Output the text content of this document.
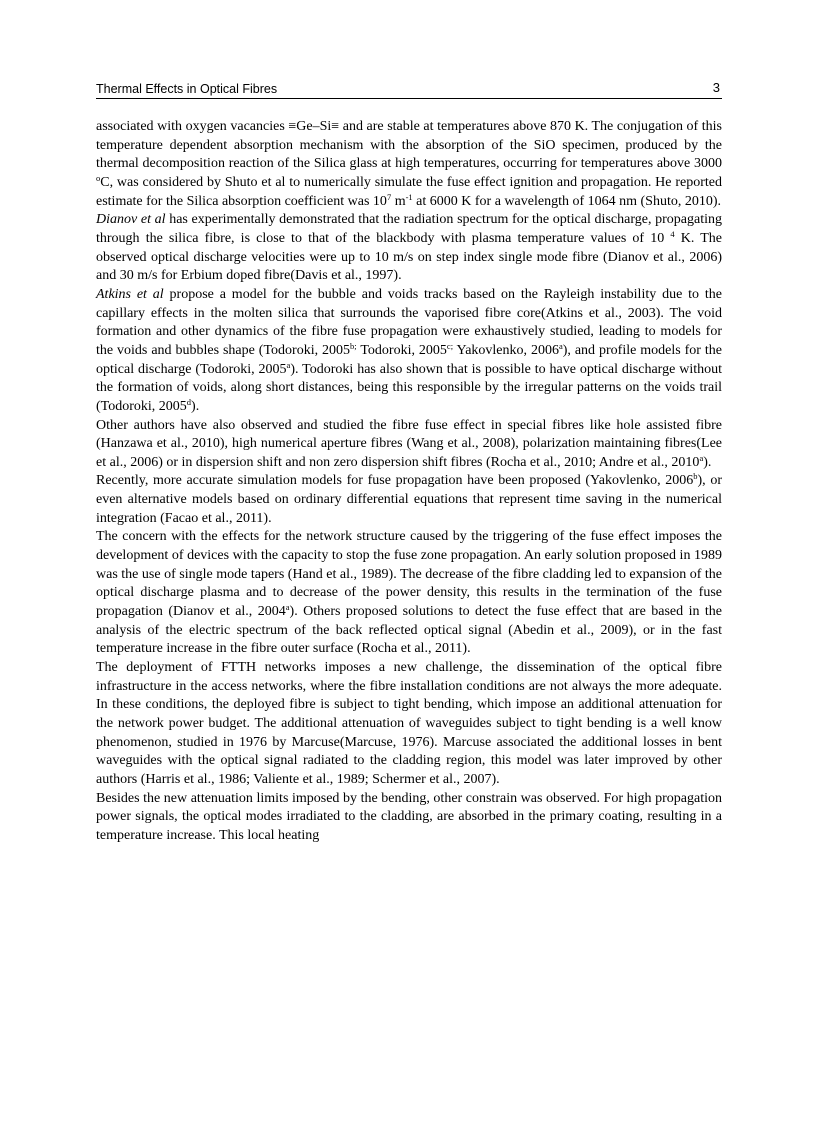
Thermal Effects in Optical Fibres	3

associated with oxygen vacancies ≡Ge–Si≡ and are stable at temperatures above 870 K. The conjugation of this temperature dependent absorption mechanism with the absorption of the SiO specimen, produced by the thermal decomposition reaction of the Silica glass at high temperatures, occurring for temperatures above 3000 $^o$C, was considered by Shuto et al to numerically simulate the fuse effect ignition and propagation. He reported estimate for the Silica absorption coefficient was $10^7$ $m^{-1}$ at 6000 K for a wavelength of 1064 nm (Shuto, 2010).

Dianov et al has experimentally demonstrated that the radiation spectrum for the optical discharge, propagating through the silica fibre, is close to that of the blackbody with plasma temperature values of 10 $^4$ K. The observed optical discharge velocities were up to 10 m/s on step index single mode fibre (Dianov et al., 2006) and 30 m/s for Erbium doped fibre(Davis et al., 1997).

Atkins et al propose a model for the bubble and voids tracks based on the Rayleigh instability due to the capillary effects in the molten silica that surrounds the vaporised fibre core(Atkins et al., 2003). The void formation and other dynamics of the fibre fuse propagation were exhaustively studied, leading to models for the voids and bubbles shape (Todoroki, $2005^{b;}$ Todoroki, $2005^{c;}$ Yakovlenko, 2006$^a$), and profile models for the optical discharge (Todoroki, 2005$^a$). Todoroki has also shown that is possible to have optical discharge without the formation of voids, along short distances, being this responsible by the irregular patterns on the voids trail (Todoroki, 2005$^d$).

Other authors have also observed and studied the fibre fuse effect in special fibres like hole assisted fibre (Hanzawa et al., 2010), high numerical aperture fibres (Wang et al., 2008), polarization maintaining fibres(Lee et al., 2006) or in dispersion shift and non zero dispersion shift fibres (Rocha et al., 2010; Andre et al., 2010$^a$).

Recently, more accurate simulation models for fuse propagation have been proposed (Yakovlenko, 2006$^b$), or even alternative models based on ordinary differential equations that represent time saving in the numerical integration (Facao et al., 2011).

The concern with the effects for the network structure caused by the triggering of the fuse effect imposes the development of devices with the capacity to stop the fuse zone propagation. An early solution proposed in 1989 was the use of single mode tapers (Hand et al., 1989). The decrease of the fibre cladding led to expansion of the optical discharge plasma and to decrease of the power density, this results in the termination of the fuse propagation (Dianov et al., 2004$^a$). Others proposed solutions to detect the fuse effect that are based in the analysis of the electric spectrum of the back reflected optical signal (Abedin et al., 2009), or in the fast temperature increase in the fibre outer surface (Rocha et al., 2011).

The deployment of FTTH networks imposes a new challenge, the dissemination of the optical fibre infrastructure in the access networks, where the fibre installation conditions are not always the more adequate. In these conditions, the deployed fibre is subject to tight bending, which impose an additional attenuation for the network power budget. The additional attenuation of waveguides subject to tight bending is a well know phenomenon, studied in 1976 by Marcuse(Marcuse, 1976). Marcuse associated the additional losses in bent waveguides with the optical signal radiated to the cladding region, this model was later improved by other authors (Harris et al., 1986; Valiente et al., 1989; Schermer et al., 2007).

Besides the new attenuation limits imposed by the bending, other constrain was observed. For high propagation power signals, the optical modes irradiated to the cladding, are absorbed in the primary coating, resulting in a temperature increase. This local heating
